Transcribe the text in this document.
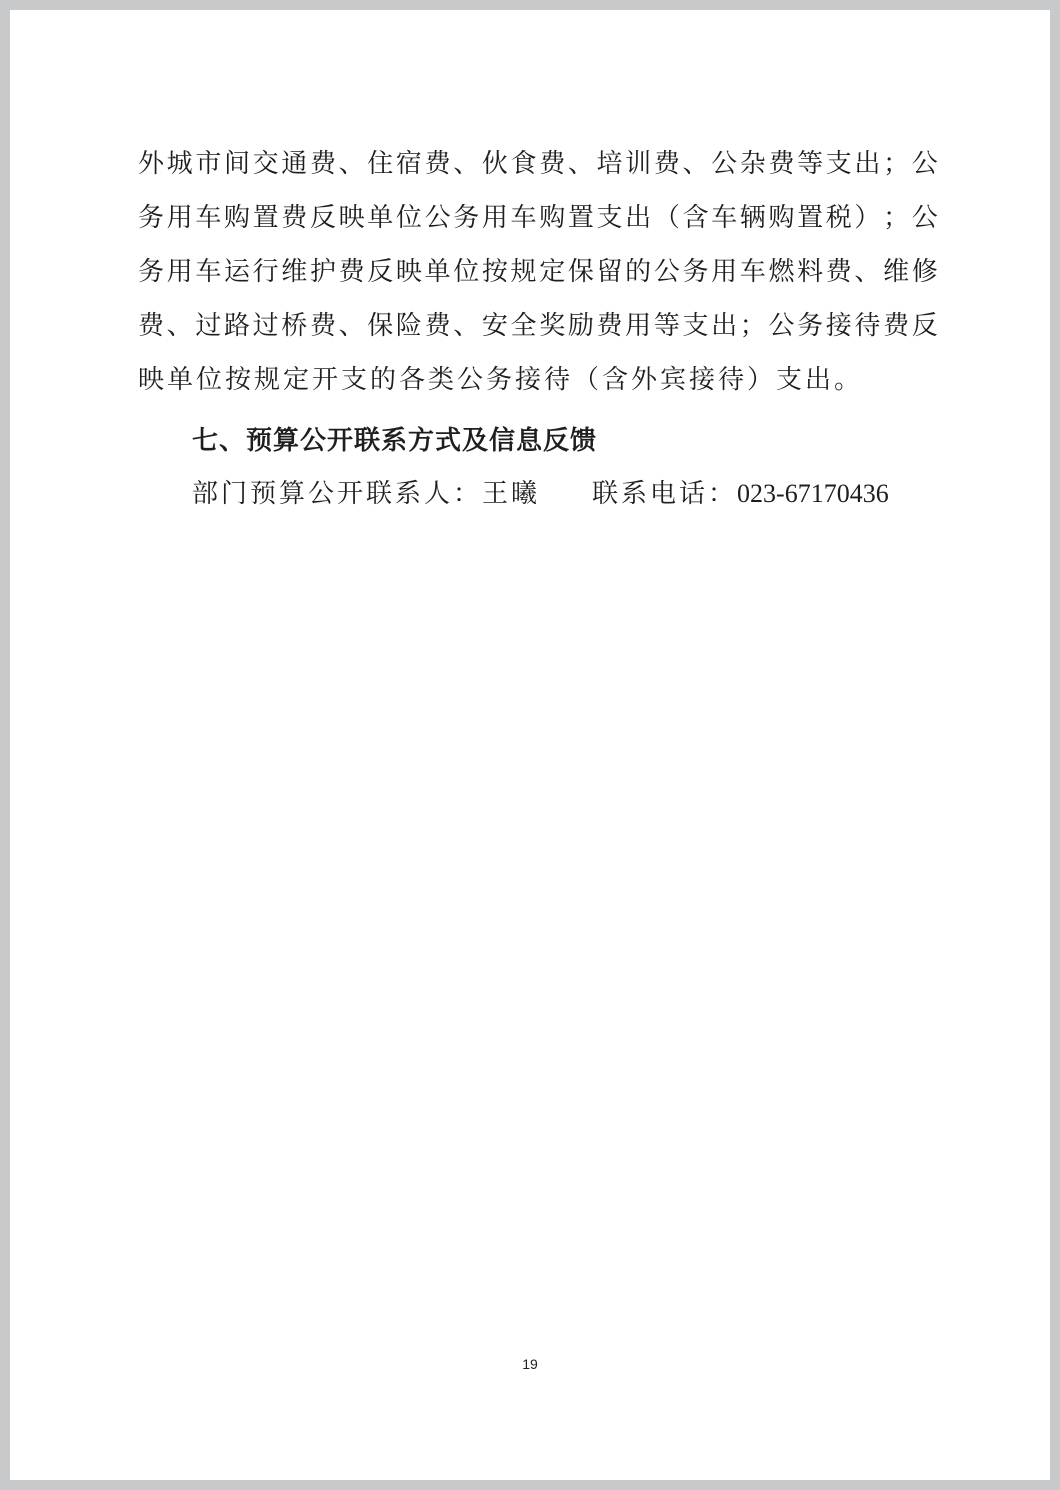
外 城 市 间 交 通 费 、 住 宿 费 、 伙 食 费 、 培 训 费 、 公 杂 费 等 支 出 ； 公
务 用 车 购 置 费 反 映 单 位 公 务 用 车 购 置 支 出 （ 含 车 辆 购 置 税 ） ； 公
务 用 车 运 行 维 护 费 反 映 单 位 按 规 定 保 留 的 公 务 用 车 燃 料 费 、 维 修
费 、 过 路 过 桥 费 、 保 险 费 、 安 全 奖 励 费 用 等 支 出 ； 公 务 接 待 费 反
映单位按规定开支的各类公务接待（含外宾接待）支出。
七、预算公开联系方式及信息反馈
部门预算公开联系人：王曦 联系电话：023-67170436
19
